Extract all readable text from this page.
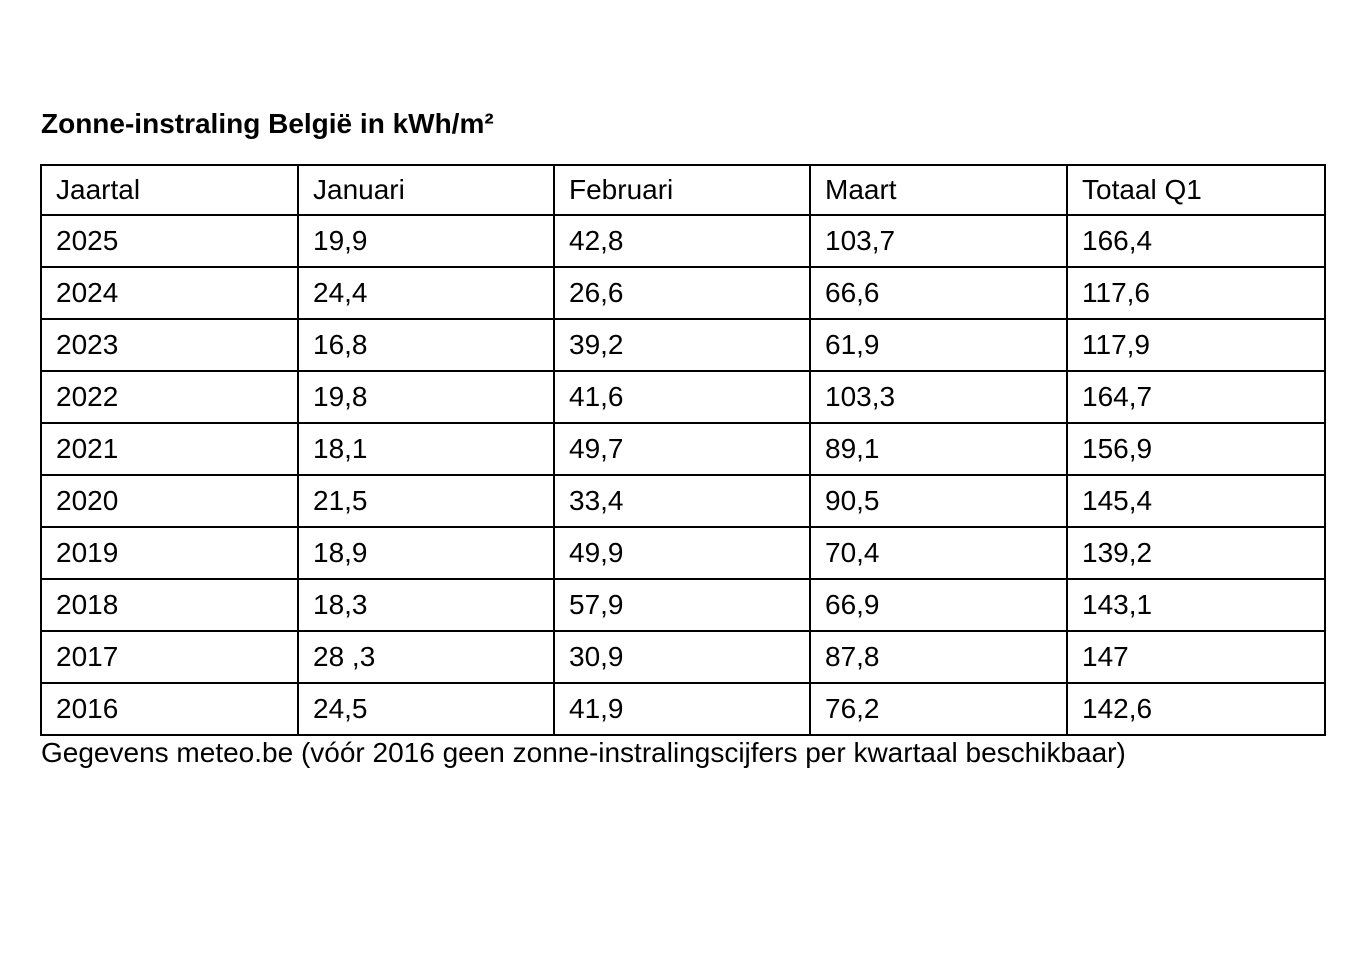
Zonne-instraling België in kWh/m²
Jaartal	Januari	Februari	Maart	Totaal Q1
2025	19,9	42,8	103,7	166,4
2024	24,4	26,6	66,6	117,6
2023	16,8	39,2	61,9	117,9
2022	19,8	41,6	103,3	164,7
2021	18,1	49,7	89,1	156,9
2020	21,5	33,4	90,5	145,4
2019	18,9	49,9	70,4	139,2
2018	18,3	57,9	66,9	143,1
2017	28 ,3	30,9	87,8	147
2016	24,5	41,9	76,2	142,6
Gegevens meteo.be (vóór 2016 geen zonne-instralingscijfers per kwartaal beschikbaar)
